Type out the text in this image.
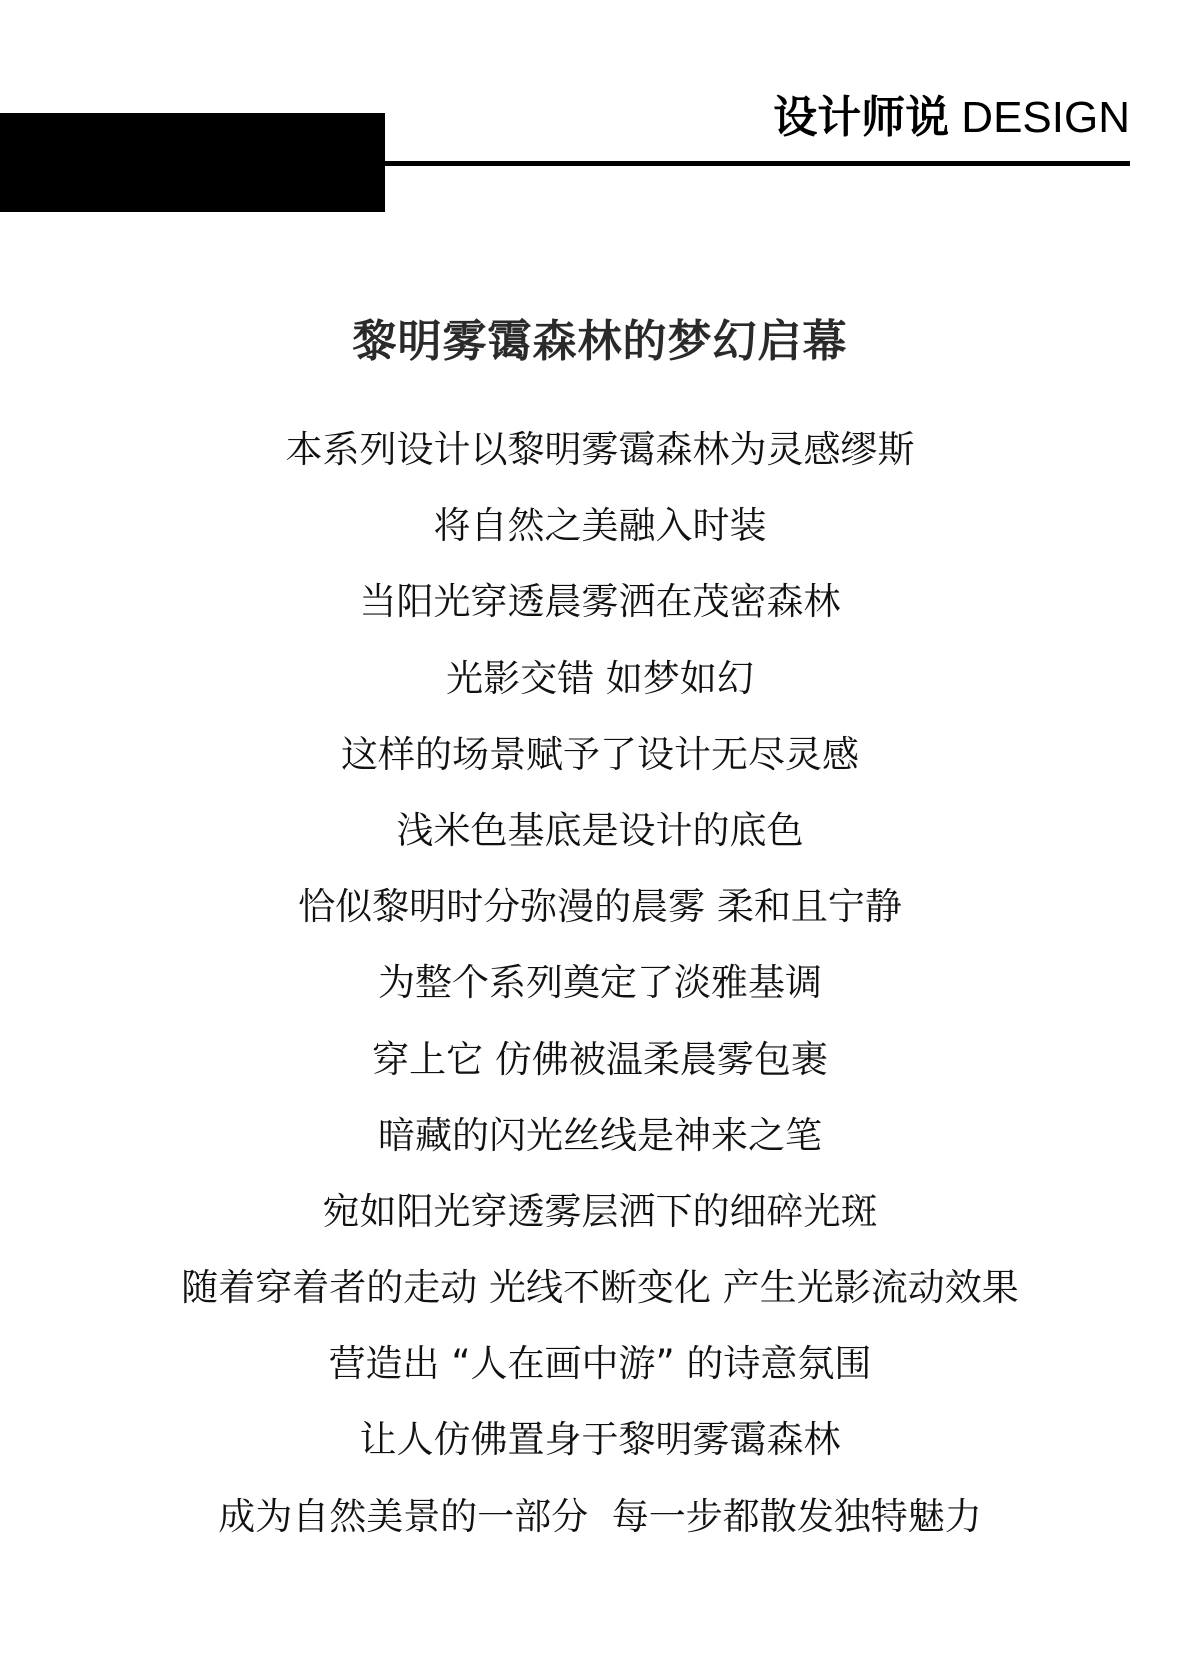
设计师说 DESIGN
黎明雾霭森林的梦幻启幕
本系列设计以黎明雾霭森林为灵感缪斯
将自然之美融入时装
当阳光穿透晨雾洒在茂密森林
光影交错 如梦如幻
这样的场景赋予了设计无尽灵感
浅米色基底是设计的底色
恰似黎明时分弥漫的晨雾 柔和且宁静
为整个系列奠定了淡雅基调
穿上它 仿佛被温柔晨雾包裹
暗藏的闪光丝线是神来之笔
宛如阳光穿透雾层洒下的细碎光斑
随着穿着者的走动 光线不断变化 产生光影流动效果
营造出 “人在画中游” 的诗意氛围
让人仿佛置身于黎明雾霭森林
成为自然美景的一部分  每一步都散发独特魅力
